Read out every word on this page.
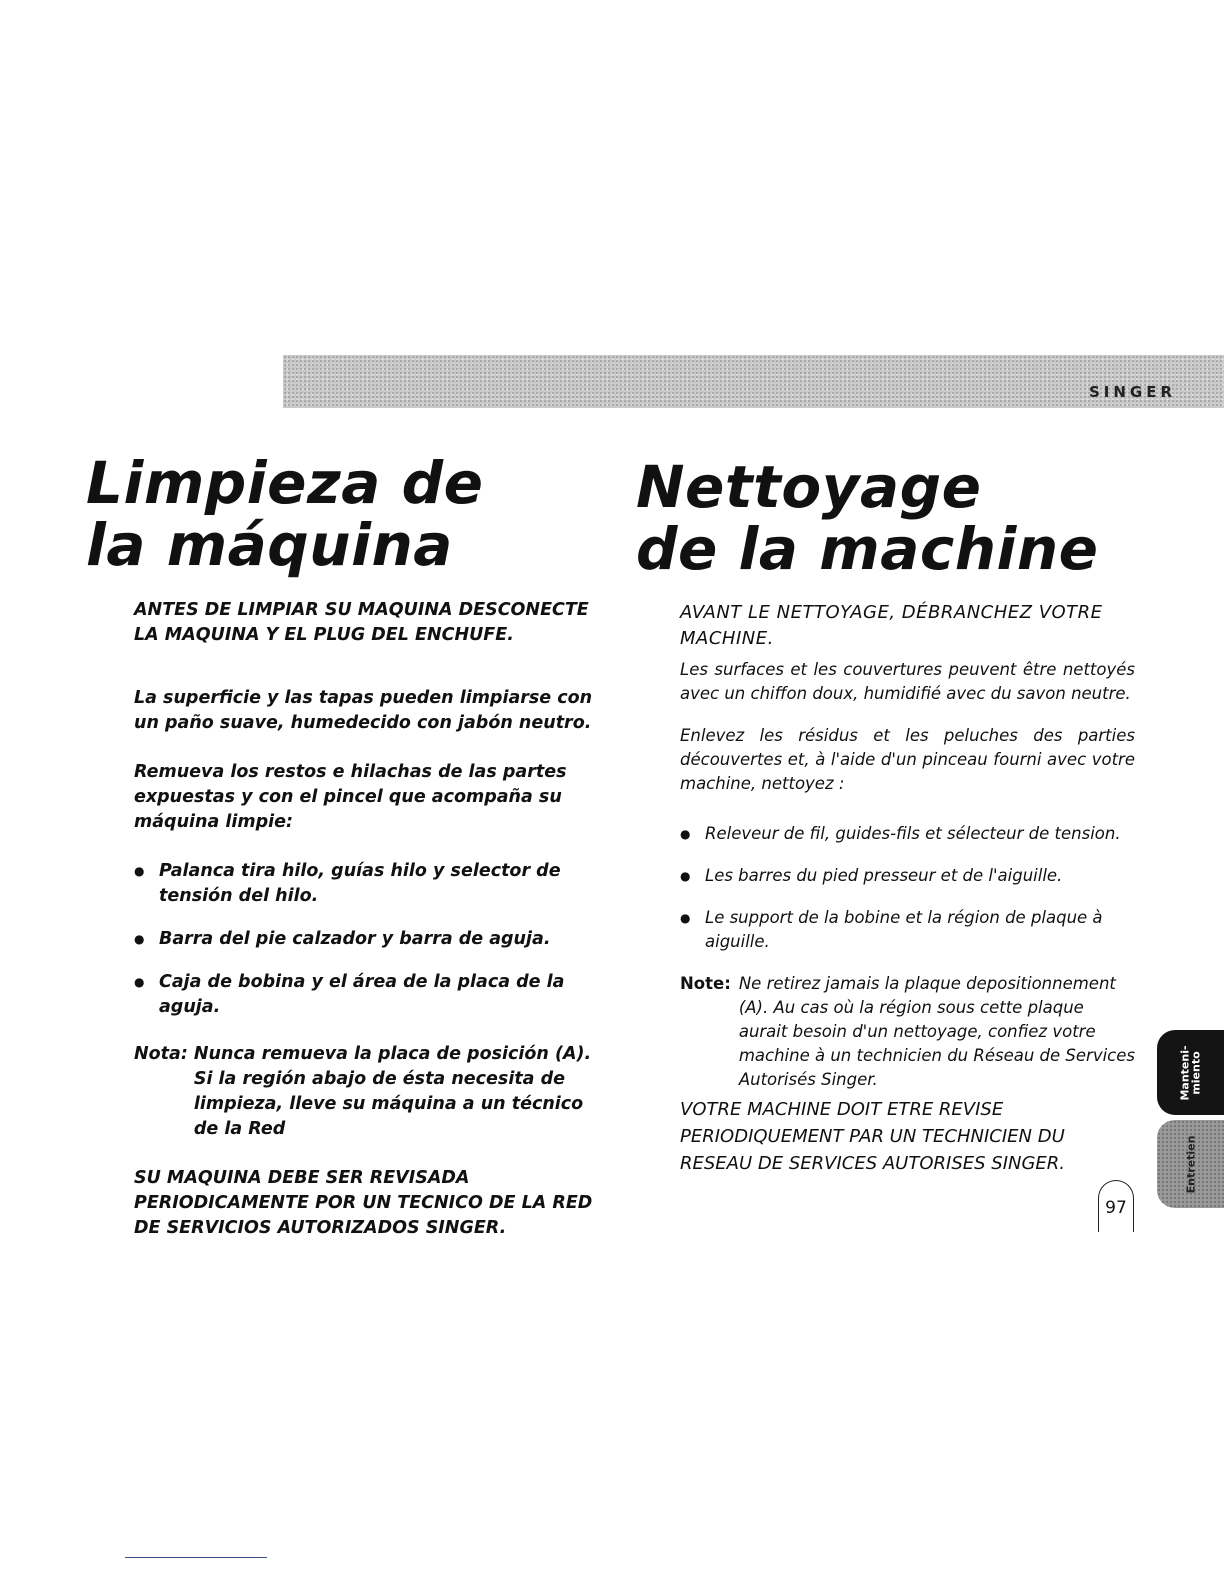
SINGER
Limpieza de
la máquina
Nettoyage
de la machine

ANTES DE LIMPIAR SU MAQUINA DESCONECTE LA MAQUINA Y EL PLUG DEL ENCHUFE.

La superficie y las tapas pueden limpiarse con un paño suave, humedecido con jabón neutro.

Remueva los restos e hilachas de las partes expuestas y con el pincel que acompaña su máquina limpie:

● Palanca tira hilo, guías hilo y selector de tensión del hilo.
● Barra del pie calzador y barra de aguja.
● Caja de bobina y el área de la placa de la aguja.
Nota: Nunca remueva la placa de posición (A). Si la región abajo de ésta necesita de limpieza, lleve su máquina a un técnico de la Red

SU MAQUINA DEBE SER REVISADA PERIODICAMENTE POR UN TECNICO DE LA RED DE SERVICIOS AUTORIZADOS SINGER.

AVANT LE NETTOYAGE, DÉBRANCHEZ VOTRE MACHINE.

Les surfaces et les couvertures peuvent être nettoyés avec un chiffon doux, humidifié avec du savon neutre.

Enlevez les résidus et les peluches des parties découvertes et, à l'aide d'un pinceau fourni avec votre machine, nettoyez :

● Releveur de fil, guides-fils et sélecteur de tension.
● Les barres du pied presseur et de l'aiguille.
● Le support de la bobine et la région de plaque à aiguille.
Note: Ne retirez jamais la plaque depositionnement (A). Au cas où la région sous cette plaque aurait besoin d'un nettoyage, confiez votre machine à un technicien du Réseau de Services Autorisés Singer.

VOTRE MACHINE DOIT ETRE REVISE PERIODIQUEMENT PAR UN TECHNICIEN DU RESEAU DE SERVICES AUTORISES SINGER.

Manteni-
miento
Entretien
97
